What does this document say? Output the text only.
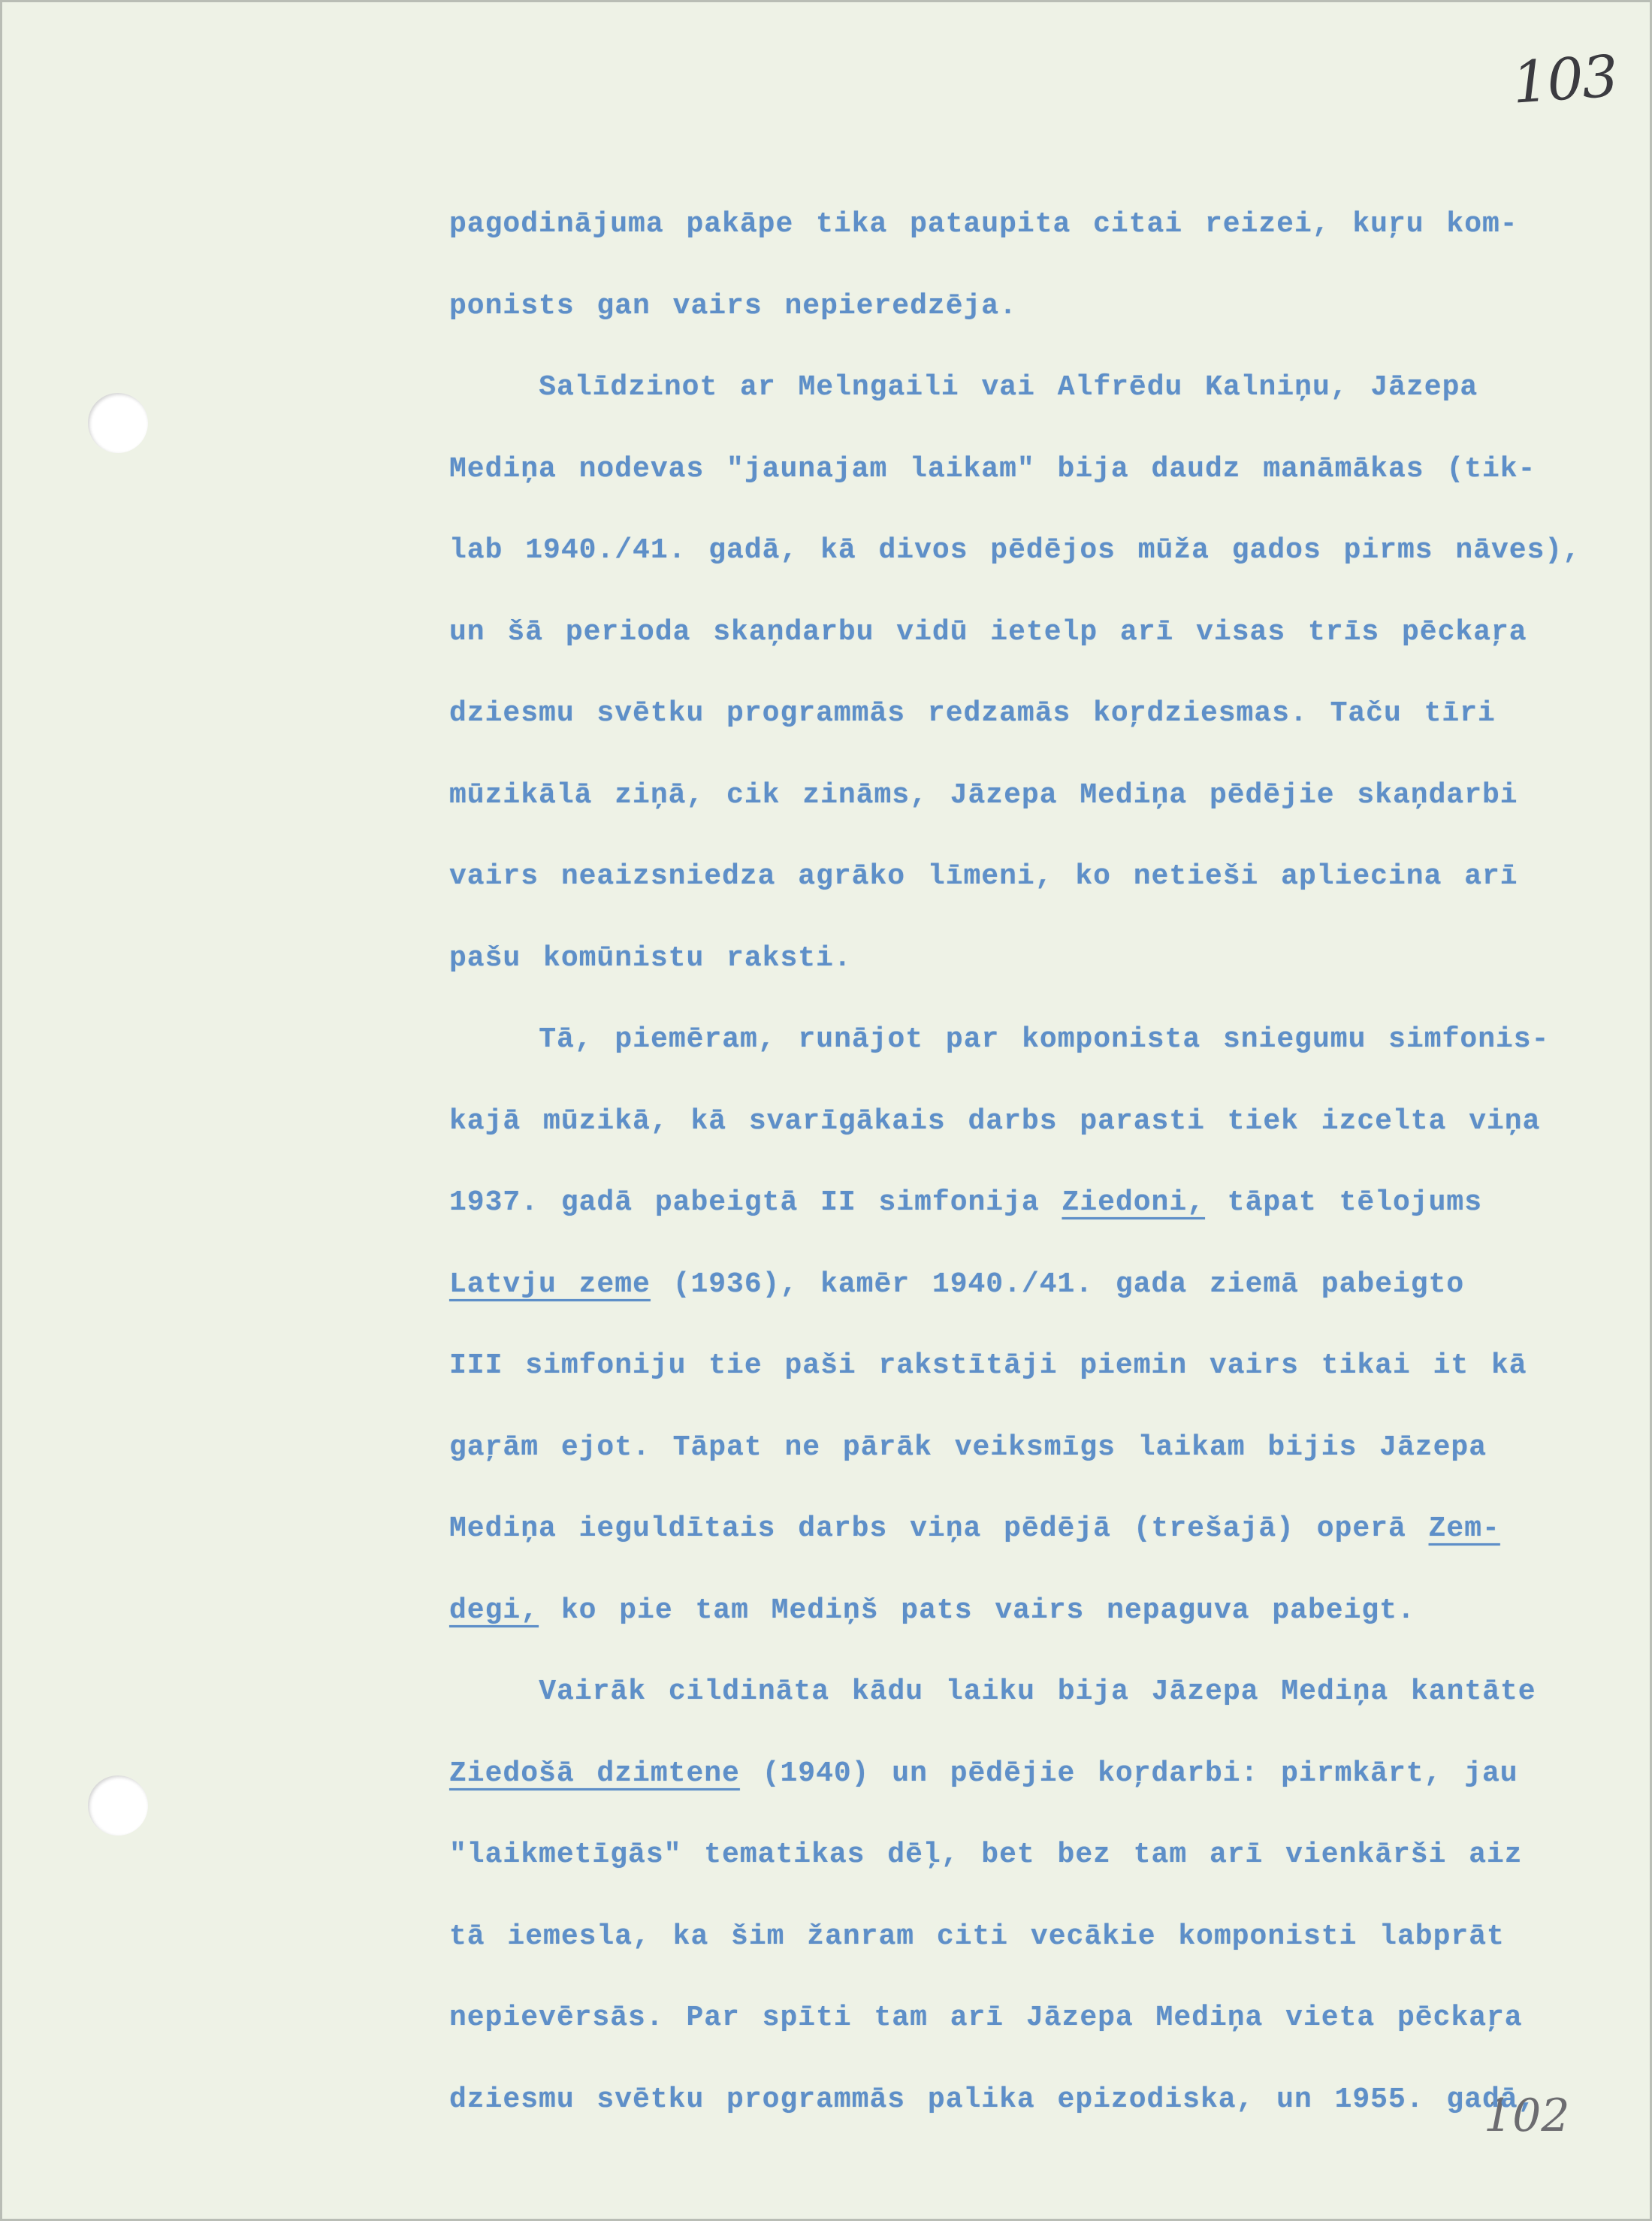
103
102
pagodinājuma pakāpe tika pataupita citai reizei, kuŗu kom-
ponists gan vairs nepieredzēja.
Salīdzinot ar Melngaili vai Alfrēdu Kalniņu, Jāzepa
Mediņa nodevas "jaunajam laikam" bija daudz manāmākas (tik-
lab 1940./41. gadā, kā divos pēdējos mūža gados pirms nāves),
un šā perioda skaņdarbu vidū ietelp arī visas trīs pēckaŗa
dziesmu svētku programmās redzamās koŗdziesmas. Taču tīri
mūzikālā ziņā, cik zināms, Jāzepa Mediņa pēdējie skaņdarbi
vairs neaizsniedza agrāko līmeni, ko netieši apliecina arī
pašu komūnistu raksti.
Tā, piemēram, runājot par komponista sniegumu simfonis-
kajā mūzikā, kā svarīgākais darbs parasti tiek izcelta viņa
1937. gadā pabeigtā II simfonija Ziedoni, tāpat tēlojums
Latvju zeme (1936), kamēr 1940./41. gada ziemā pabeigto
III simfoniju tie paši rakstītāji piemin vairs tikai it kā
gaŗām ejot. Tāpat ne pārāk veiksmīgs laikam bijis Jāzepa
Mediņa ieguldītais darbs viņa pēdējā (trešajā) operā Zem-
degi, ko pie tam Mediņš pats vairs nepaguva pabeigt.
Vairāk cildināta kādu laiku bija Jāzepa Mediņa kantāte
Ziedošā dzimtene (1940) un pēdējie koŗdarbi: pirmkārt, jau
"laikmetīgās" tematikas dēļ, bet bez tam arī vienkārši aiz
tā iemesla, ka šim žanram citi vecākie komponisti labprāt
nepievērsās. Par spīti tam arī Jāzepa Mediņa vieta pēckaŗa
dziesmu svētku programmās palika epizodiska, un 1955. gadā,
